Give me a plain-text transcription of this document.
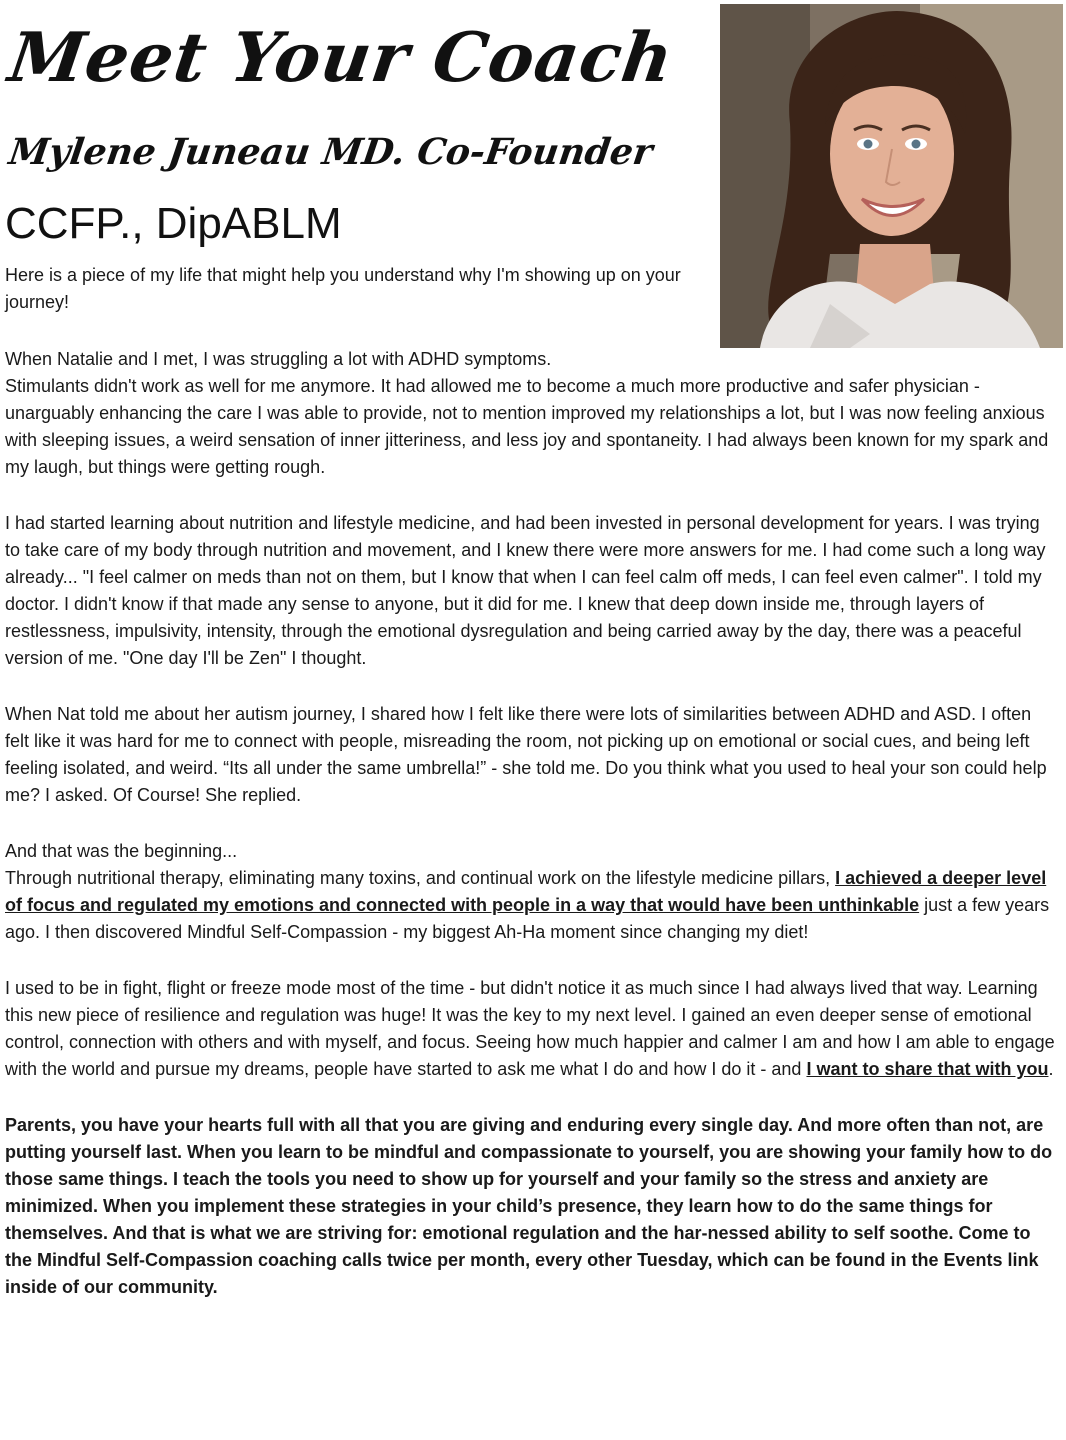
Meet Your Coach
Mylene Juneau MD. Co-Founder
CCFP., DipABLM

Here is a piece of my life that might help you understand why I'm showing up on your journey!

When Natalie and I met, I was struggling a lot with ADHD symptoms.

Stimulants didn't work as well for me anymore. It had allowed me to become a much more productive and safer physician - unarguably enhancing the care I was able to provide, not to mention improved my relationships a lot, but I was now feeling anxious with sleeping issues, a weird sensation of inner jitteriness, and less joy and spontaneity. I had always been known for my spark and my laugh, but things were getting rough.

I had started learning about nutrition and lifestyle medicine, and had been invested in personal development for years. I was trying to take care of my body through nutrition and movement, and I knew there were more answers for me. I had come such a long way already... "I feel calmer on meds than not on them, but I know that when I can feel calm off meds, I can feel even calmer". I told my doctor. I didn't know if that made any sense to anyone, but it did for me. I knew that deep down inside me, through layers of restlessness, impulsivity, intensity, through the emotional dysregulation and being carried away by the day, there was a peaceful version of me. "One day I'll be Zen" I thought.

When Nat told me about her autism journey, I shared how I felt like there were lots of similarities between ADHD and ASD. I often felt like it was hard for me to connect with people, misreading the room, not picking up on emotional or social cues, and being left feeling isolated, and weird. “Its all under the same umbrella!” - she told me. Do you think what you used to heal your son could help me? I asked. Of Course! She replied.

And that was the beginning...

Through nutritional therapy, eliminating many toxins, and continual work on the lifestyle medicine pillars, I achieved a deeper level of focus and regulated my emotions and connected with people in a way that would have been unthinkable just a few years ago. I then discovered Mindful Self-Compassion - my biggest Ah-Ha moment since changing my diet!

I used to be in fight, flight or freeze mode most of the time - but didn't notice it as much since I had always lived that way. Learning this new piece of resilience and regulation was huge! It was the key to my next level. I gained an even deeper sense of emotional control, connection with others and with myself, and focus. Seeing how much happier and calmer I am and how I am able to engage with the world and pursue my dreams, people have started to ask me what I do and how I do it - and I want to share that with you.

Parents, you have your hearts full with all that you are giving and enduring every single day. And more often than not, are putting yourself last. When you learn to be mindful and compassionate to yourself, you are showing your family how to do those same things. I teach the tools you need to show up for yourself and your family so the stress and anxiety are minimized. When you implement these strategies in your child’s presence, they learn how to do the same things for themselves. And that is what we are striving for: emotional regulation and the har-nessed ability to self soothe. Come to the Mindful Self-Compassion coaching calls twice per month, every other Tuesday, which can be found in the Events link inside of our community.
